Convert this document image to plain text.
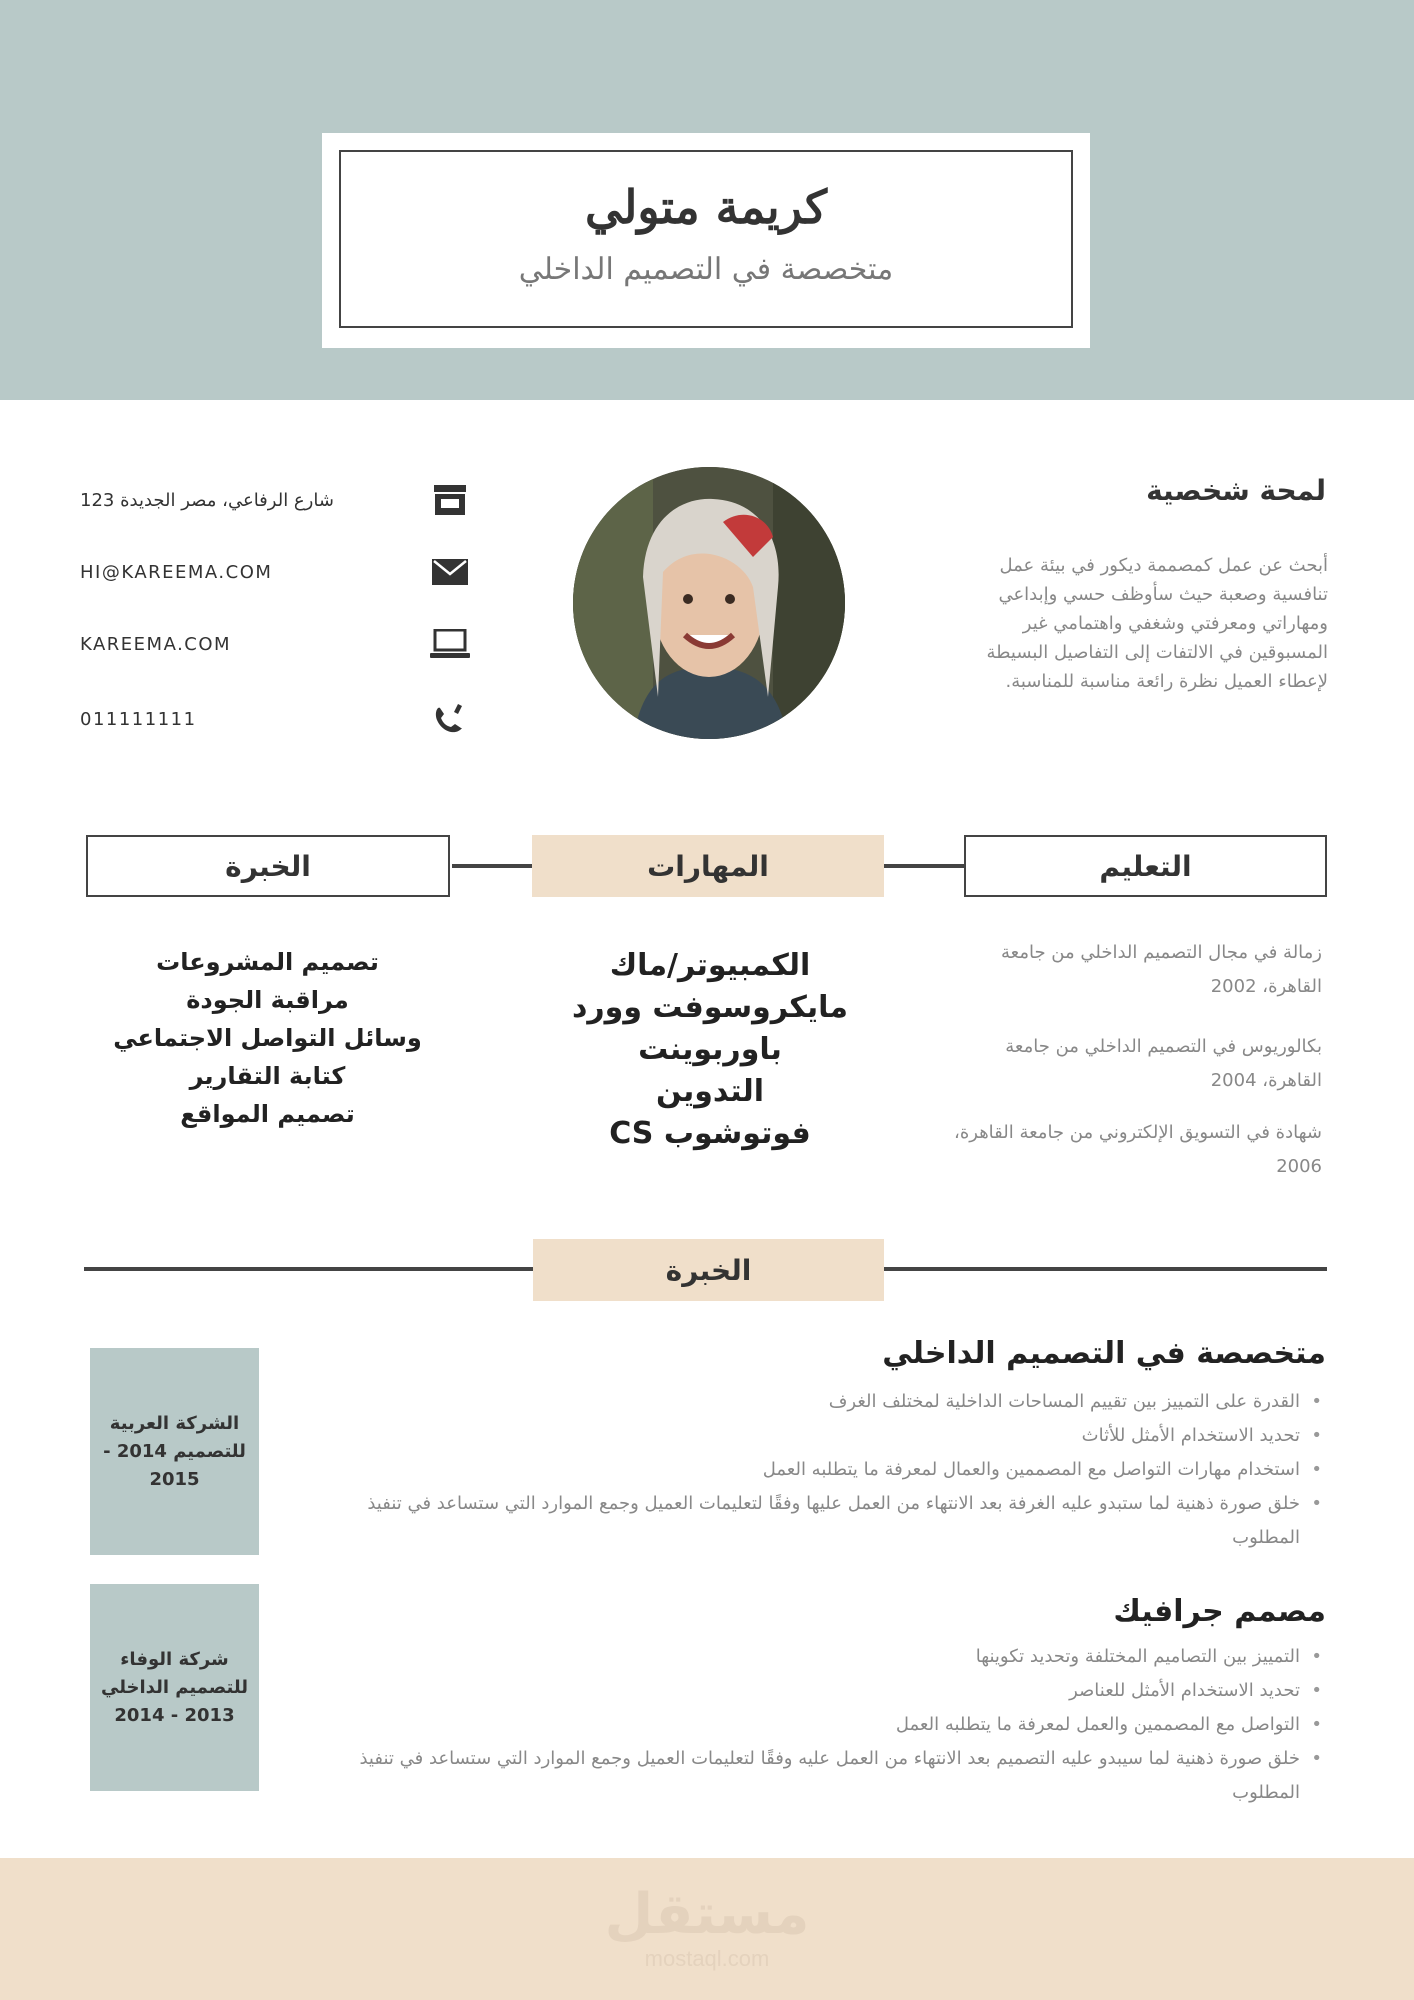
كريمة متولي
متخصصة في التصميم الداخلي
123 شارع الرفاعي، مصر الجديدة
HI@KAREEMA.COM
KAREEMA.COM
011111111
لمحة شخصية
أبحث عن عمل كمصممة ديكور في بيئة عمل تنافسية وصعبة حيث سأوظف حسي وإبداعي ومهاراتي ومعرفتي وشغفي واهتمامي غير المسبوقين في الالتفات إلى التفاصيل البسيطة لإعطاء العميل نظرة رائعة مناسبة للمناسبة.
الخبرة	المهارات	التعليم
زمالة في مجال التصميم الداخلي من جامعة القاهرة، 2002
بكالوريوس في التصميم الداخلي من جامعة القاهرة، 2004
شهادة في التسويق الإلكتروني من جامعة القاهرة، 2006
الكمبيوتر/ماك
مايكروسوفت وورد
باوربوينت
التدوين
فوتوشوب CS
تصميم المشروعات
مراقبة الجودة
وسائل التواصل الاجتماعي
كتابة التقارير
تصميم المواقع
الخبرة
متخصصة في التصميم الداخلي
• القدرة على التمييز بين تقييم المساحات الداخلية لمختلف الغرف
• تحديد الاستخدام الأمثل للأثاث
• استخدام مهارات التواصل مع المصممين والعمال لمعرفة ما يتطلبه العمل
• خلق صورة ذهنية لما ستبدو عليه الغرفة بعد الانتهاء من العمل عليها وفقًا لتعليمات العميل وجمع الموارد التي ستساعد في تنفيذ المطلوب
الشركة العربية للتصميم 2014 - 2015
مصمم جرافيك
• التمييز بين التصاميم المختلفة وتحديد تكوينها
• تحديد الاستخدام الأمثل للعناصر
• التواصل مع المصممين والعمل لمعرفة ما يتطلبه العمل
• خلق صورة ذهنية لما سيبدو عليه التصميم بعد الانتهاء من العمل عليه وفقًا لتعليمات العميل وجمع الموارد التي ستساعد في تنفيذ المطلوب
شركة الوفاء للتصميم الداخلي 2013 - 2014
مستقل
mostaql.com
